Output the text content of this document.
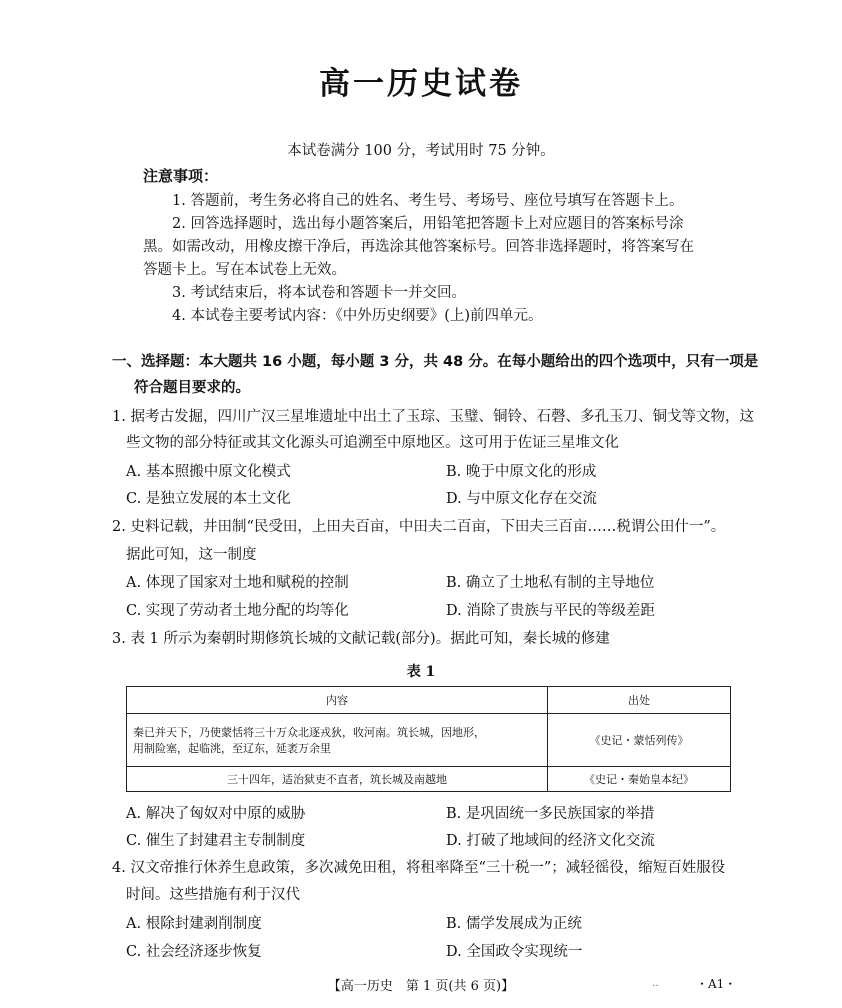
高一历史试卷
本试卷满分 100 分，考试用时 75 分钟。
注意事项：
1. 答题前，考生务必将自己的姓名、考生号、考场号、座位号填写在答题卡上。
2. 回答选择题时，选出每小题答案后，用铅笔把答题卡上对应题目的答案标号涂
黑。如需改动，用橡皮擦干净后，再选涂其他答案标号。回答非选择题时，将答案写在
答题卡上。写在本试卷上无效。
3. 考试结束后，将本试卷和答题卡一并交回。
4. 本试卷主要考试内容：《中外历史纲要》(上)前四单元。
一、选择题：本大题共 16 小题，每小题 3 分，共 48 分。在每小题给出的四个选项中，只有一项是
符合题目要求的。
1. 据考古发掘，四川广汉三星堆遗址中出土了玉琮、玉璧、铜铃、石磬、多孔玉刀、铜戈等文物，这
些文物的部分特征或其文化源头可追溯至中原地区。这可用于佐证三星堆文化
A. 基本照搬中原文化模式	B. 晚于中原文化的形成
C. 是独立发展的本土文化	D. 与中原文化存在交流
2. 史料记载，井田制“民受田，上田夫百亩，中田夫二百亩，下田夫三百亩……税谓公田什一”。
据此可知，这一制度
A. 体现了国家对土地和赋税的控制	B. 确立了土地私有制的主导地位
C. 实现了劳动者土地分配的均等化	D. 消除了贵族与平民的等级差距
3. 表 1 所示为秦朝时期修筑长城的文献记载(部分)。据此可知，秦长城的修建
表 1
内容	出处

秦已并天下，乃使蒙恬将三十万众北逐戎狄，收河南。筑长城，因地形，
用制险塞，起临洮，至辽东，延袤万余里	《史记・蒙恬列传》
三十四年，适治狱吏不直者，筑长城及南越地	《史记・秦始皇本纪》
A. 解决了匈奴对中原的威胁	B. 是巩固统一多民族国家的举措
C. 催生了封建君主专制制度	D. 打破了地域间的经济文化交流
4. 汉文帝推行休养生息政策，多次减免田租，将租率降至“三十税一”；减轻徭役，缩短百姓服役
时间。这些措施有利于汉代
A. 根除封建剥削制度	B. 儒学发展成为正统
C. 社会经济逐步恢复	D. 全国政令实现统一
【高一历史　第 1 页(共 6 页)】	‥	・A1・
